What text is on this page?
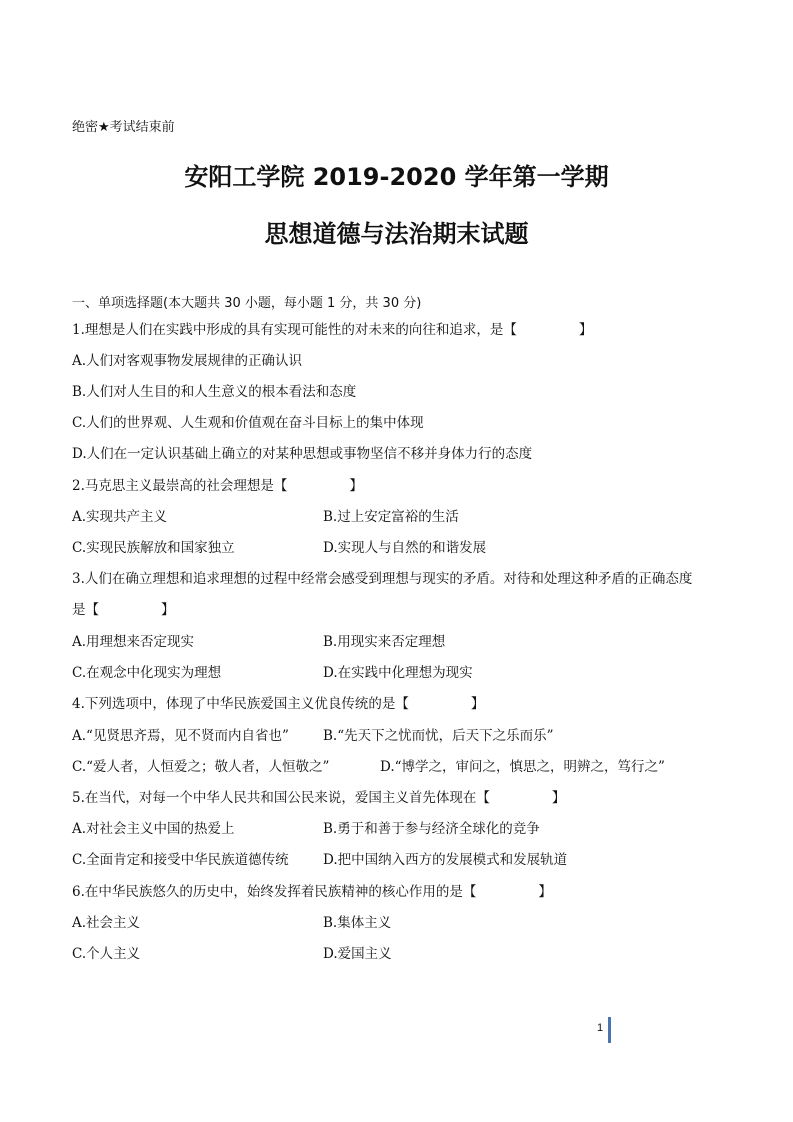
绝密★考试结束前
安阳工学院 2019-2020 学年第一学期
思想道德与法治期末试题
一、单项选择题(本大题共 30 小题，每小题 1 分，共 30 分)
1.理想是人们在实践中形成的具有实现可能性的对未来的向往和追求，是【	】
A.人们对客观事物发展规律的正确认识
B.人们对人生目的和人生意义的根本看法和态度
C.人们的世界观、人生观和价值观在奋斗目标上的集中体现
D.人们在一定认识基础上确立的对某种思想或事物坚信不移并身体力行的态度
2.马克思主义最崇高的社会理想是【	】
A.实现共产主义	B.过上安定富裕的生活
C.实现民族解放和国家独立	D.实现人与自然的和谐发展
3.人们在确立理想和追求理想的过程中经常会感受到理想与现实的矛盾。对待和处理这种矛盾的正确态度
是【	】
A.用理想来否定现实	B.用现实来否定理想
C.在观念中化现实为理想	D.在实践中化理想为现实
4.下列选项中，体现了中华民族爱国主义优良传统的是【	】
A.“见贤思齐焉，见不贤而内自省也”	B.“先天下之忧而忧，后天下之乐而乐”
C.“爱人者，人恒爱之；敬人者，人恒敬之”	D.“博学之，审问之，慎思之，明辨之，笃行之”
5.在当代，对每一个中华人民共和国公民来说，爱国主义首先体现在【	】
A.对社会主义中国的热爱上	B.勇于和善于参与经济全球化的竞争
C.全面肯定和接受中华民族道德传统	D.把中国纳入西方的发展模式和发展轨道
6.在中华民族悠久的历史中，始终发挥着民族精神的核心作用的是【	】
A.社会主义	B.集体主义
C.个人主义	D.爱国主义
1
